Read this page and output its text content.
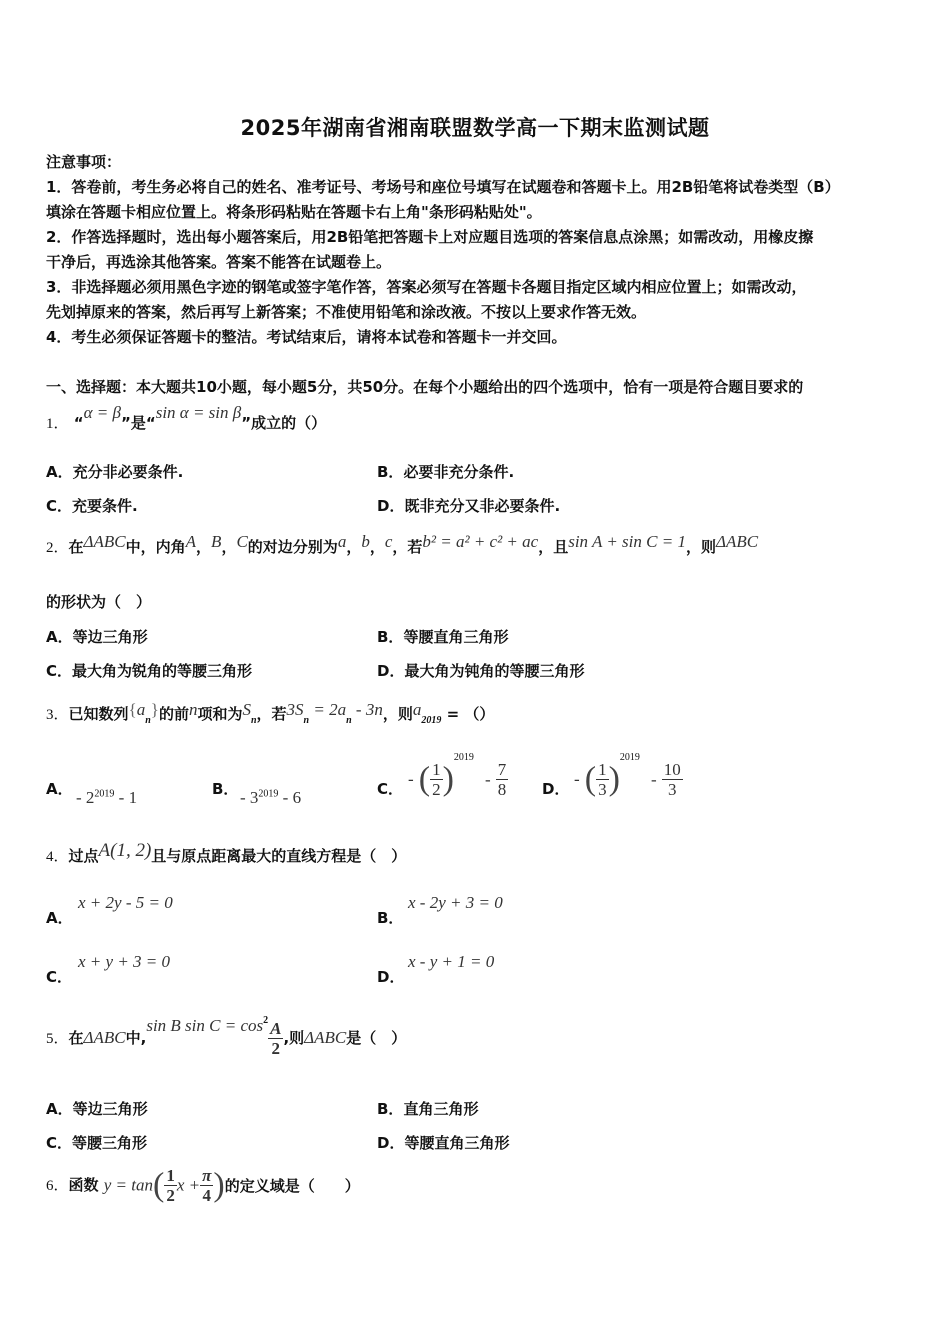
2025年湖南省湘南联盟数学高一下期末监测试题
注意事项：
1．答卷前，考生务必将自己的姓名、准考证号、考场号和座位号填写在试题卷和答题卡上。用2B铅笔将试卷类型（B）
填涂在答题卡相应位置上。将条形码粘贴在答题卡右上角"条形码粘贴处"。
2．作答选择题时，选出每小题答案后，用2B铅笔把答题卡上对应题目选项的答案信息点涂黑；如需改动，用橡皮擦
干净后，再选涂其他答案。答案不能答在试题卷上。
3．非选择题必须用黑色字迹的钢笔或签字笔作答，答案必须写在答题卡各题目指定区域内相应位置上；如需改动，
先划掉原来的答案，然后再写上新答案；不准使用铅笔和涂改液。不按以上要求作答无效。
4．考生必须保证答题卡的整洁。考试结束后，请将本试卷和答题卡一并交回。
一、选择题：本大题共10小题，每小题5分，共50分。在每个小题给出的四个选项中，恰有一项是符合题目要求的
1． “α = β”是“sin α = sin β”成立的（）
A．充分非必要条件.	B．必要非充分条件.
C．充要条件.	D．既非充分又非必要条件.
2．在ΔABC中，内角A，B，C的对边分别为a，b，c，若b² = a² + c² + ac，且sin A + sin C = 1，则ΔABC
的形状为（　）
A．等边三角形	B．等腰直角三角形
C．最大角为锐角的等腰三角形	D．最大角为钝角的等腰三角形
3．已知数列$\{a_n\}$的前n项和为$S_n$，若$3S_n = 2a_n - 3n$，则$a_{2019}$ = （）
A． - $2^{2019} - 1$	B． - $3^{2019} - 6$	C．
- ( $\frac{1}{2} )^{2019} - \frac{7}{8}$ D．
- ( $\frac{1}{3} )^{2019} - \frac{10}{3}$
4．过点A(1, 2)且与原点距离最大的直线方程是（　）
A．
x + 2y - 5 = 0
B．
x - 2y + 3 = 0
C．
x + y + 3 = 0
D．
x - y + 1 = 0
5．在ΔABC中,sin B $\sin C = \cos^2 \frac{A}{2}$ ,则ΔABC是（　）
A．等边三角形	B．直角三角形
C．等腰三角形	D．等腰直角三角形
6．函数 $y = \tan( \frac{1}{2}$ $x + \frac{\pi}{4}$ )的定义域是（　　）
